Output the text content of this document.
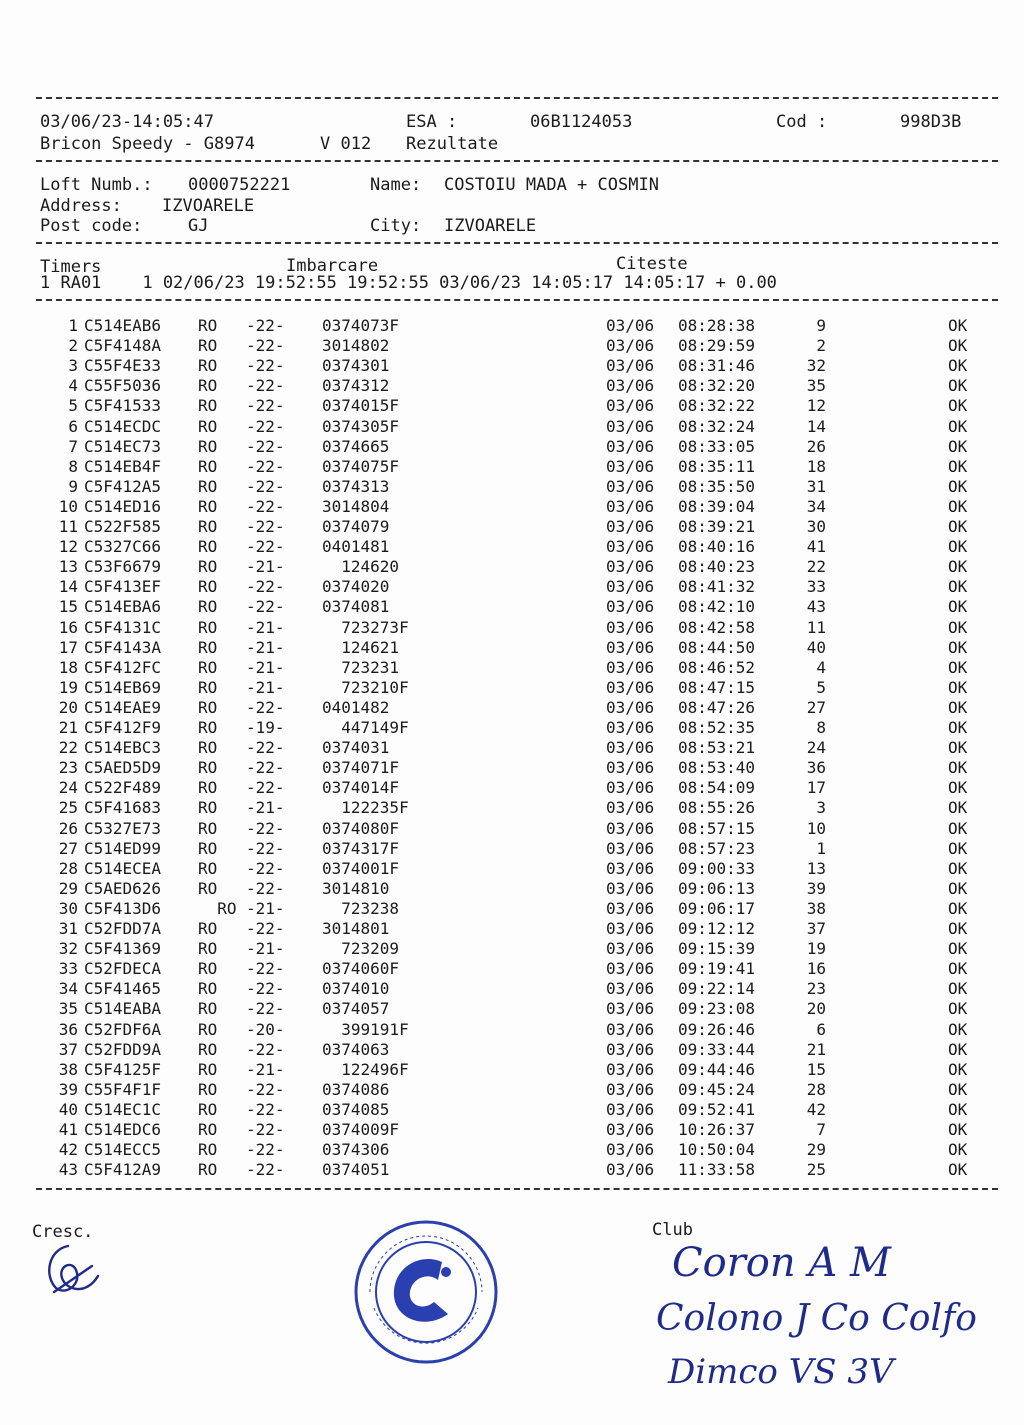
03/06/23-14:05:47	ESA :	06B1124053	Cod :	998D3B
Bricon Speedy - G8974	V 012 Rezultate
Loft Numb.: 0000752221	Name: COSTOIU MADA + COSMIN
Address: IZVOARELE
Post code:	GJ	City: IZVOARELE
Timers	Imbarcare	Citeste
1 RA01    1 02/06/23 19:52:55 19:52:55 03/06/23 14:05:17 14:05:17 + 0.00
1 C514EAB6 RO -22- 0374073F	03/06 08:28:38	9	OK
2 C5F4148A RO -22- 3014802	03/06 08:29:59	2	OK
3 C55F4E33 RO -22- 0374301	03/06 08:31:46	32	OK
4 C55F5036 RO -22- 0374312	03/06 08:32:20	35	OK
5 C5F41533 RO -22- 0374015F	03/06 08:32:22	12	OK
6 C514ECDC RO -22- 0374305F	03/06 08:32:24	14	OK
7 C514EC73 RO -22- 0374665	03/06 08:33:05	26	OK
8 C514EB4F RO -22- 0374075F	03/06 08:35:11	18	OK
9 C5F412A5 RO -22- 0374313	03/06 08:35:50	31	OK
10 C514ED16 RO -22- 3014804	03/06 08:39:04	34	OK
11 C522F585 RO -22- 0374079	03/06 08:39:21	30	OK
12 C5327C66 RO -22- 0401481	03/06 08:40:16	41	OK
13 C53F6679 RO -21- 124620	03/06 08:40:23	22	OK
14 C5F413EF RO -22- 0374020	03/06 08:41:32	33	OK
15 C514EBA6 RO -22- 0374081	03/06 08:42:10	43	OK
16 C5F4131C RO -21- 723273F	03/06 08:42:58	11	OK
17 C5F4143A RO -21- 124621	03/06 08:44:50	40	OK
18 C5F412FC RO -21- 723231	03/06 08:46:52	4	OK
19 C514EB69 RO -21- 723210F	03/06 08:47:15	5	OK
20 C514EAE9 RO -22- 0401482	03/06 08:47:26	27	OK
21 C5F412F9 RO -19- 447149F	03/06 08:52:35	8	OK
22 C514EBC3 RO -22- 0374031	03/06 08:53:21	24	OK
23 C5AED5D9 RO -22- 0374071F	03/06 08:53:40	36	OK
24 C522F489 RO -22- 0374014F	03/06 08:54:09	17	OK
25 C5F41683 RO -21- 122235F	03/06 08:55:26	3	OK
26 C5327E73 RO -22- 0374080F	03/06 08:57:15	10	OK
27 C514ED99 RO -22- 0374317F	03/06 08:57:23	1	OK
28 C514ECEA RO -22- 0374001F	03/06 09:00:33	13	OK
29 C5AED626 RO -22- 3014810	03/06 09:06:13	39	OK
30 C5F413D6 RO -21- 723238	03/06 09:06:17	38	OK
31 C52FDD7A RO -22- 3014801	03/06 09:12:12	37	OK
32 C5F41369 RO -21- 723209	03/06 09:15:39	19	OK
33 C52FDECA RO -22- 0374060F	03/06 09:19:41	16	OK
34 C5F41465 RO -22- 0374010	03/06 09:22:14	23	OK
35 C514EABA RO -22- 0374057	03/06 09:23:08	20	OK
36 C52FDF6A RO -20- 399191F	03/06 09:26:46	6	OK
37 C52FDD9A RO -22- 0374063	03/06 09:33:44	21	OK
38 C5F4125F RO -21- 122496F	03/06 09:44:46	15	OK
39 C55F4F1F RO -22- 0374086	03/06 09:45:24	28	OK
40 C514EC1C RO -22- 0374085	03/06 09:52:41	42	OK
41 C514EDC6 RO -22- 0374009F	03/06 10:26:37	7	OK
42 C514ECC5 RO -22- 0374306	03/06 10:50:04	29	OK
43 C5F412A9 RO -22- 0374051	03/06 11:33:58	25	OK
Cresc.	Club
Coron A M
Colono J Co Colfo
Dimco VS 3V
